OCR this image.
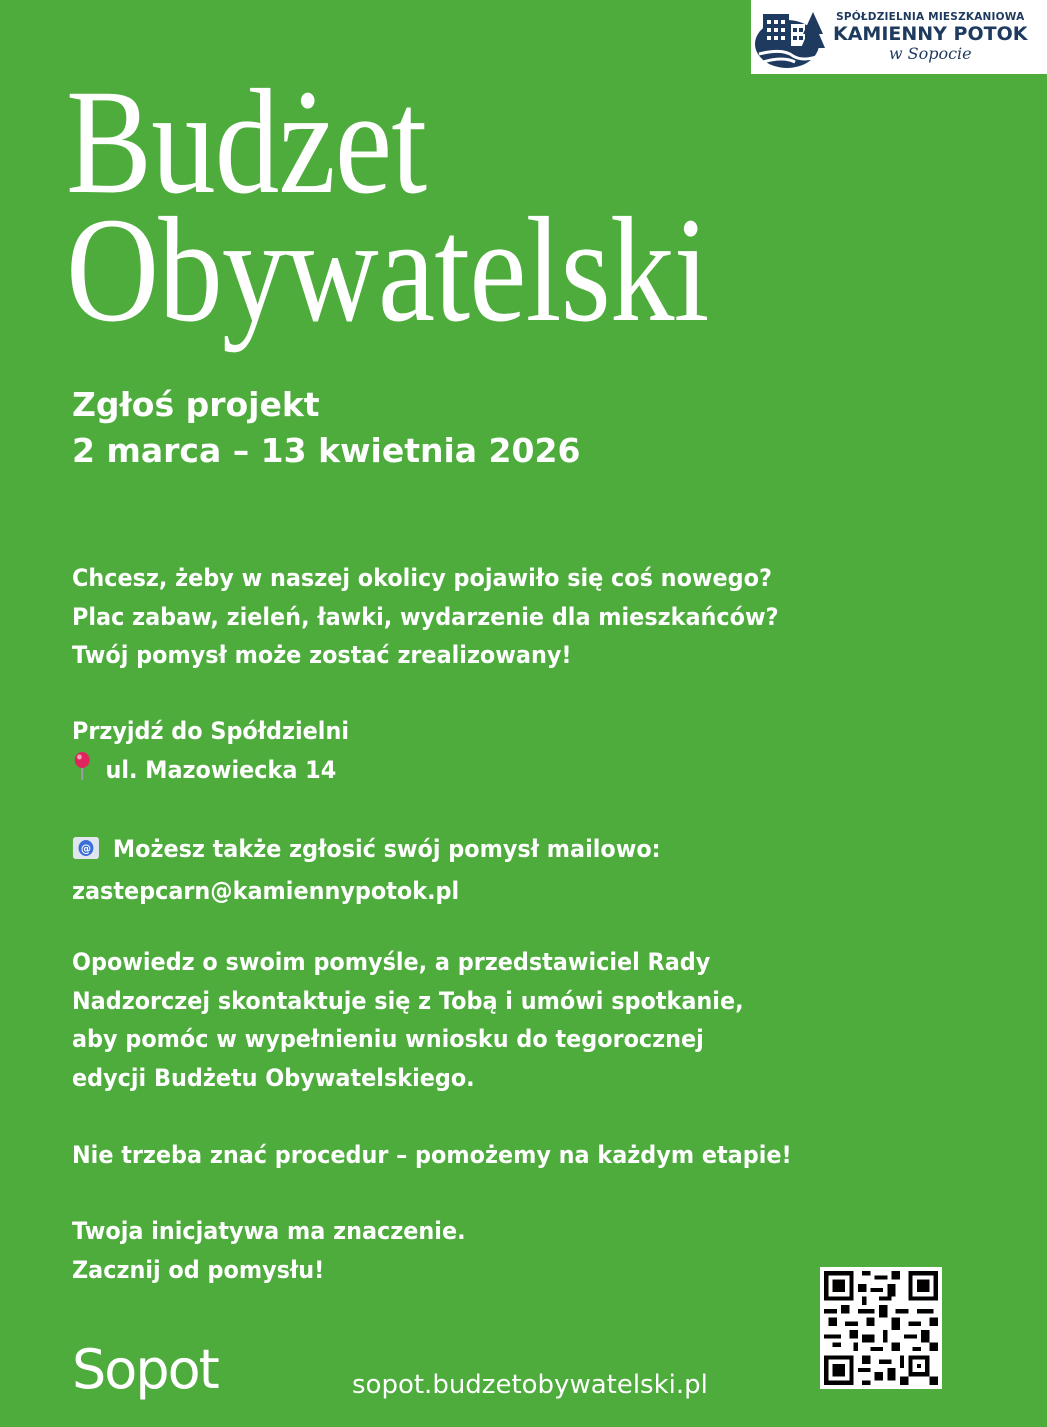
SPÓŁDZIELNIA MIESZKANIOWA
KAMIENNY POTOK
w Sopocie
Budżet
Obywatelski
Zgłoś projekt
2 marca – 13 kwietnia 2026
Chcesz, żeby w naszej okolicy pojawiło się coś nowego?
Plac zabaw, zieleń, ławki, wydarzenie dla mieszkańców?
Twój pomysł może zostać zrealizowany!
Przyjdź do Spółdzielni
ul. Mazowiecka 14
@ Możesz także zgłosić swój pomysł mailowo:
zastepcarn@kamiennypotok.pl
Opowiedz o swoim pomyśle, a przedstawiciel Rady
Nadzorczej skontaktuje się z Tobą i umówi spotkanie,
aby pomóc w wypełnieniu wniosku do tegorocznej
edycji Budżetu Obywatelskiego.
Nie trzeba znać procedur – pomożemy na każdym etapie!
Twoja inicjatywa ma znaczenie.
Zacznij od pomysłu!
Sopot	sopot.budzetobywatelski.pl
